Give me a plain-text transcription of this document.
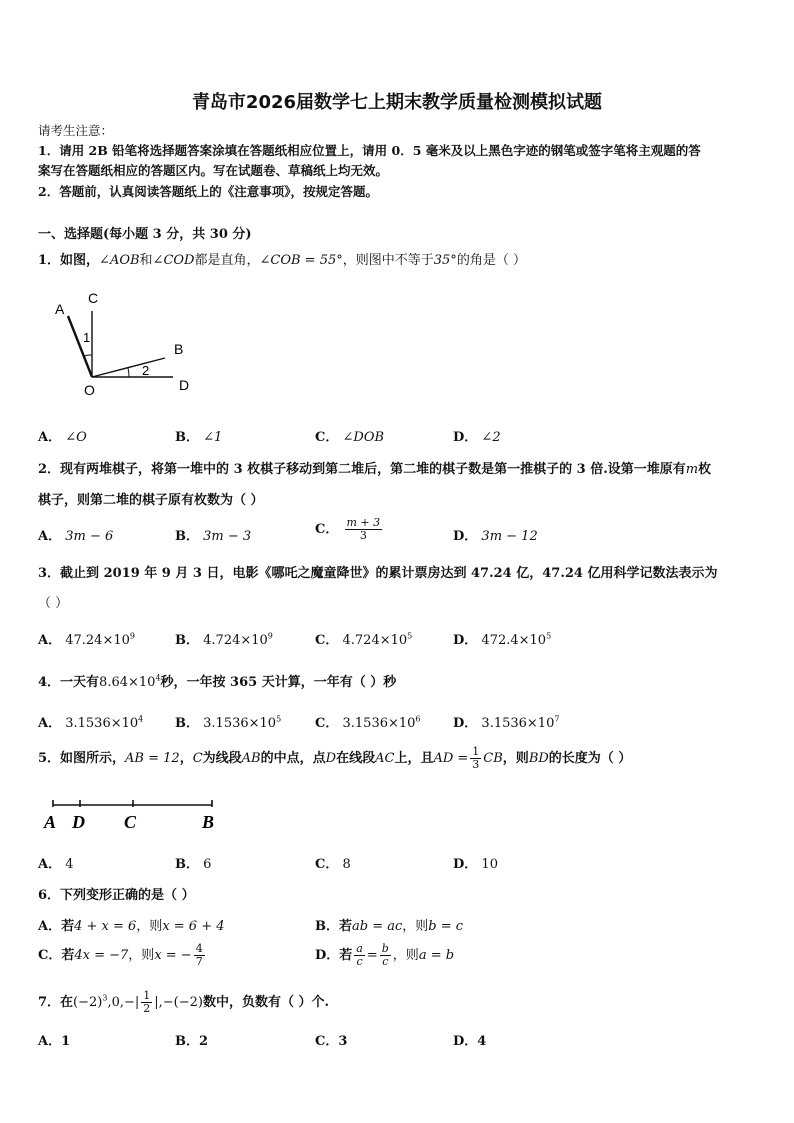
青岛市2026届数学七上期末教学质量检测模拟试题
请考生注意：
1．请用 2B 铅笔将选择题答案涂填在答题纸相应位置上，请用 0．5 毫米及以上黑色字迹的钢笔或签字笔将主观题的答
案写在答题纸相应的答题区内。写在试题卷、草稿纸上均无效。
2．答题前，认真阅读答题纸上的《注意事项》，按规定答题。
一、选择题(每小题 3 分，共 30 分)
1．如图，∠AOB和∠COD都是直角，∠COB = 55°，则图中不等于35°的角是（ ）
A
C
B
O	D
1
2
A． ∠O	B． ∠1	C． ∠DOB	D． ∠2
2．现有两堆棋子，将第一堆中的 3 枚棋子移动到第二堆后，第二堆的棋子数是第一推棋子的 3 倍.设第一堆原有m枚
棋子，则第二堆的棋子原有枚数为（ ）
A． 3m − 6	B． 3m − 3	C． $\frac{m + 3}{3}$	D． 3m − 12
3．截止到 2019 年 9 月 3 日，电影《哪吒之魔童降世》的累计票房达到 47.24 亿，47.24 亿用科学记数法表示为
（ ）
A． $47.24\times 10^9$	B． $4.724\times 10^9$	C． $4.724\times 10^5$	D． $472.4\times 10^5$
4．一天有$8.64\times 10^4$秒，一年按 365 天计算，一年有（ ）秒
A． $3.1536\times 10^4$ B． $3.1536\times 10^5$	C． $3.1536\times 10^6$ D． $3.1536\times 10^7$
5．如图所示，AB = 12，C为线段AB的中点，点D在线段AC上，且AD = $\frac{1}{3}$ CB，则BD的长度为（ ）
A D C	B
A． 4	B． 6	C． 8	D． 10
6．下列变形正确的是（ ）
A．若4 + x = 6，则x = 6 + 4	B．若ab = ac，则b = c
C．若4x = −7，则x = − $\frac{4}{7}$	D．若 $\frac{a}{c} = \frac{b}{c}$ ，则a = b
7．在$(-2)^3,0,-| \frac{1}{2} |,-(-2)$数中，负数有（ ）个.
A．1	B．2	C．3	D．4
